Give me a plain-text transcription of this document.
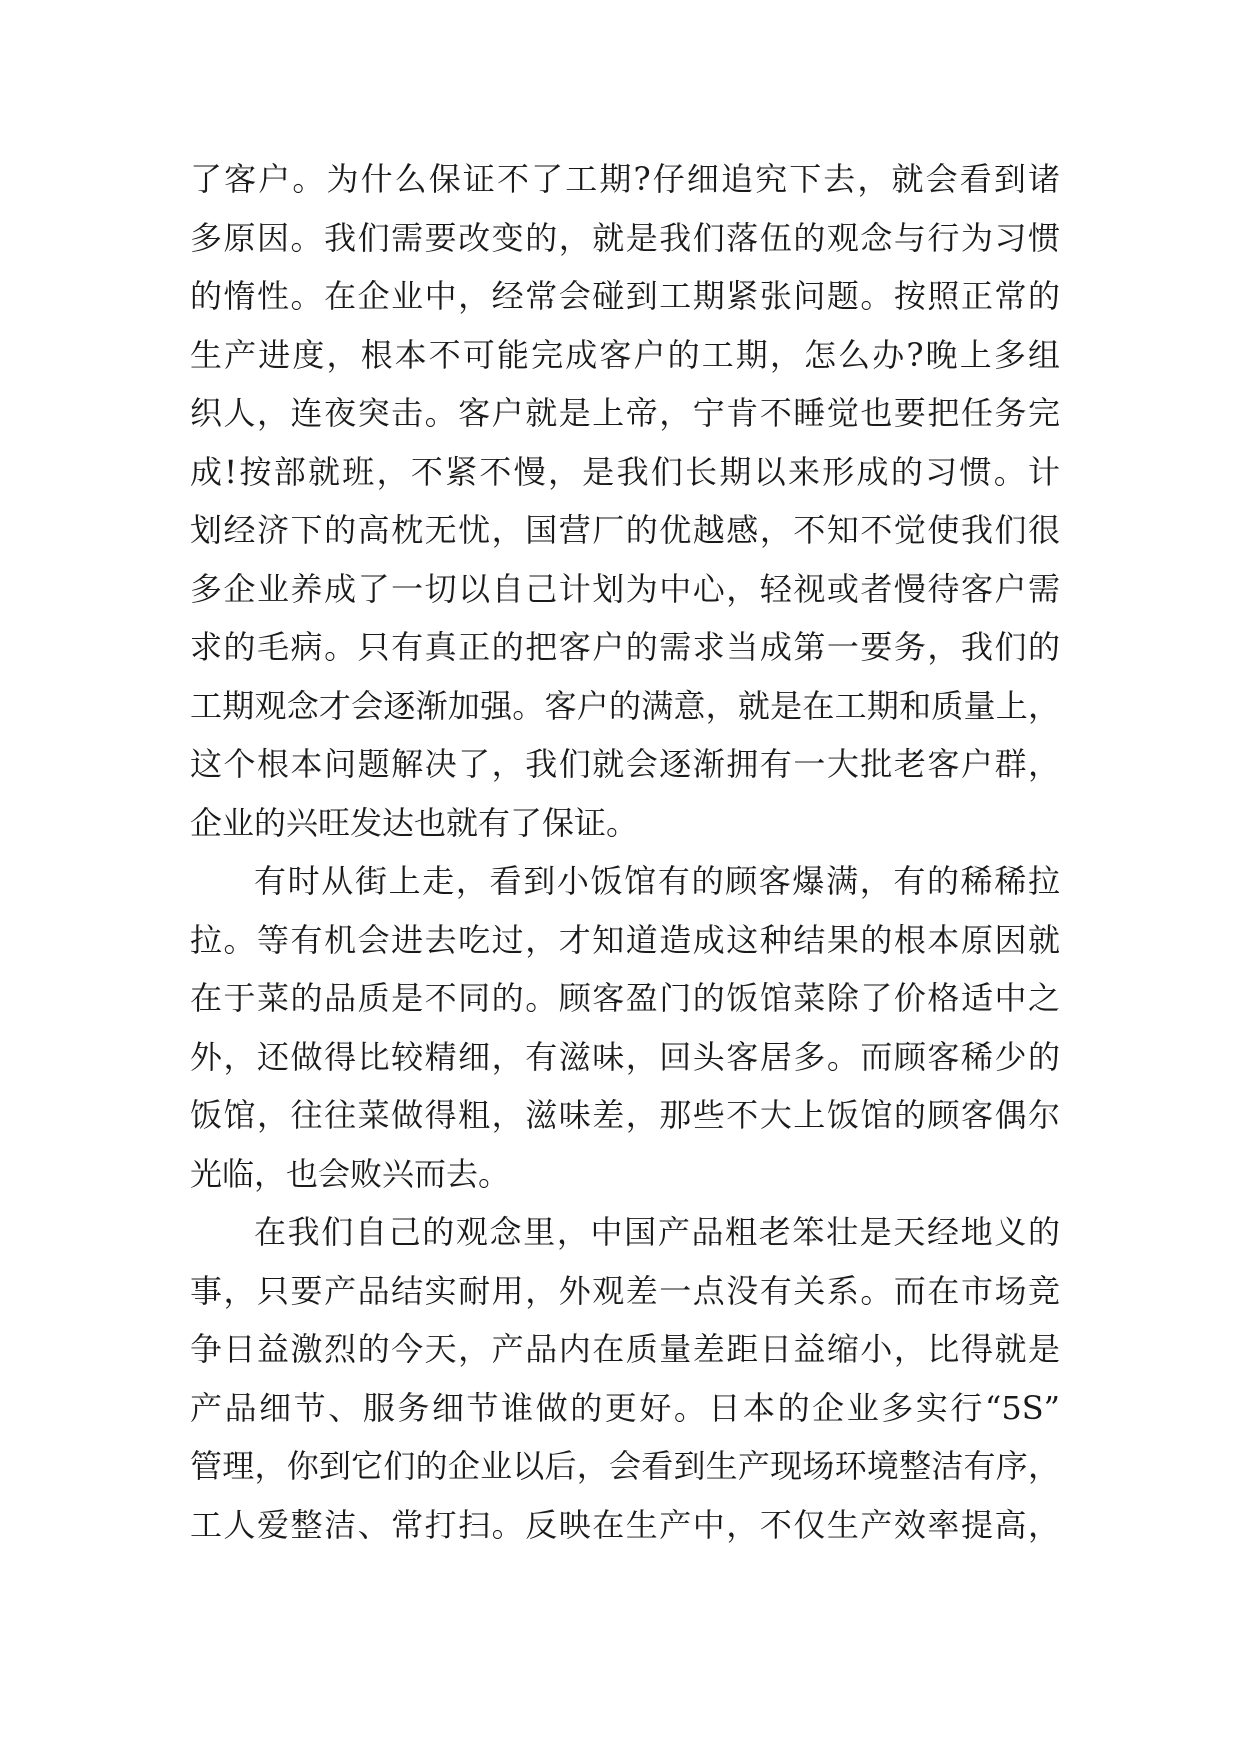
了客户。为什么保证不了工期?仔细追究下去，就会看到诸
多原因。我们需要改变的，就是我们落伍的观念与行为习惯
的惰性。在企业中，经常会碰到工期紧张问题。按照正常的
生产进度，根本不可能完成客户的工期，怎么办?晚上多组
织人，连夜突击。客户就是上帝，宁肯不睡觉也要把任务完
成!按部就班，不紧不慢，是我们长期以来形成的习惯。计
划经济下的高枕无忧，国营厂的优越感，不知不觉使我们很
多企业养成了一切以自己计划为中心，轻视或者慢待客户需
求的毛病。只有真正的把客户的需求当成第一要务，我们的
工期观念才会逐渐加强。客户的满意，就是在工期和质量上，
这个根本问题解决了，我们就会逐渐拥有一大批老客户群，
企业的兴旺发达也就有了保证。
有时从街上走，看到小饭馆有的顾客爆满，有的稀稀拉
拉。等有机会进去吃过，才知道造成这种结果的根本原因就
在于菜的品质是不同的。顾客盈门的饭馆菜除了价格适中之
外，还做得比较精细，有滋味，回头客居多。而顾客稀少的
饭馆，往往菜做得粗，滋味差，那些不大上饭馆的顾客偶尔
光临，也会败兴而去。
在我们自己的观念里，中国产品粗老笨壮是天经地义的
事，只要产品结实耐用，外观差一点没有关系。而在市场竞
争日益激烈的今天，产品内在质量差距日益缩小，比得就是
产品细节、服务细节谁做的更好。日本的企业多实行“5S”
管理，你到它们的企业以后，会看到生产现场环境整洁有序，
工人爱整洁、常打扫。反映在生产中，不仅生产效率提高，
